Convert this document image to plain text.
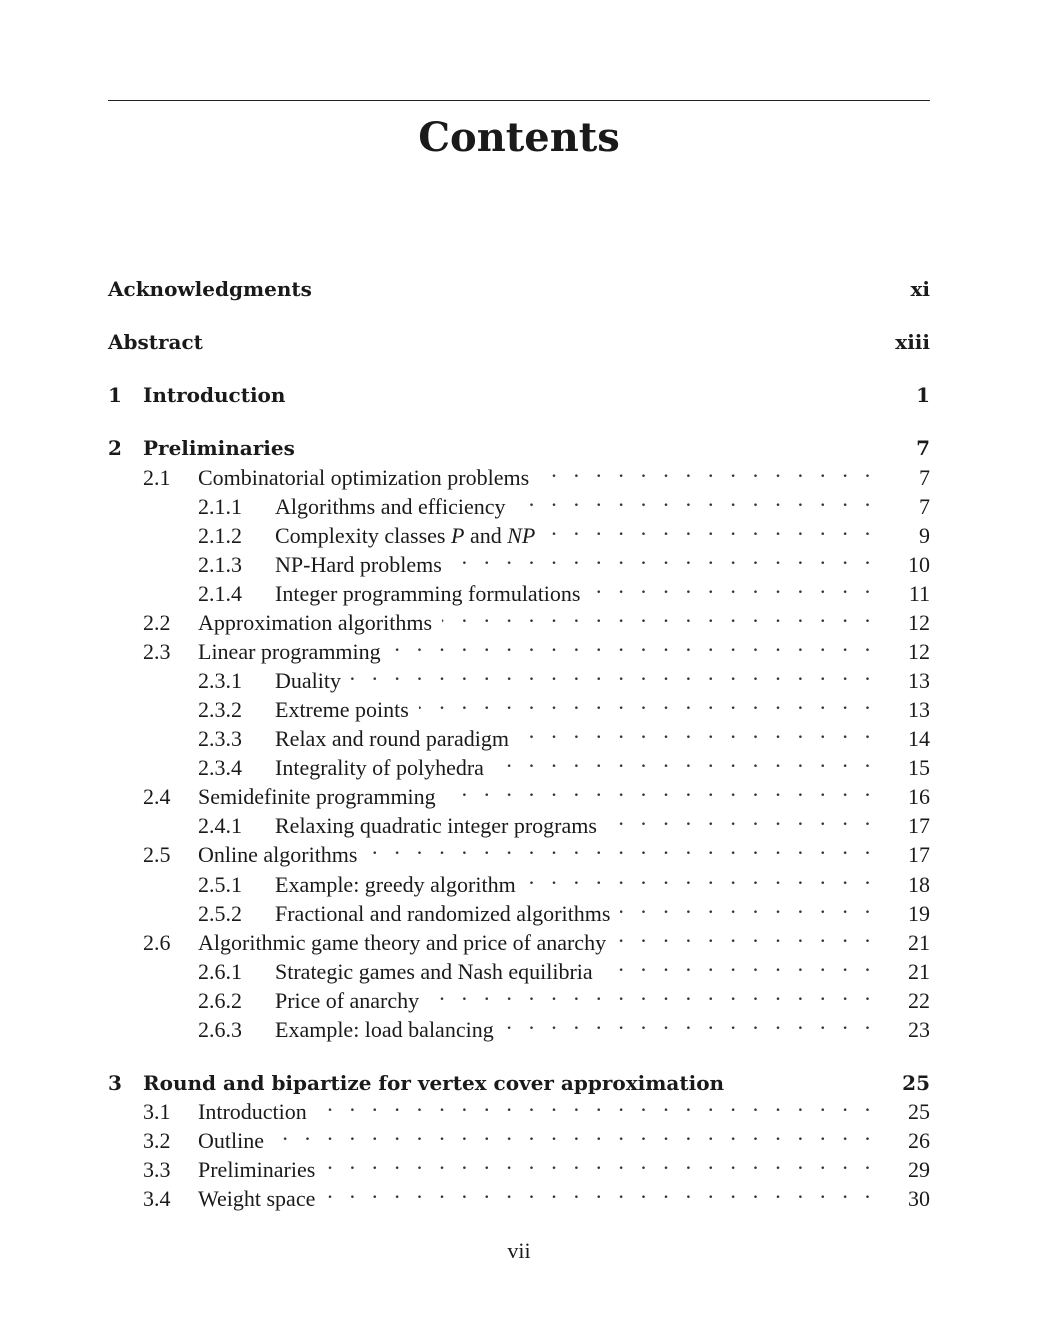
Contents
Acknowledgments	xi
Abstract	xiii
1	Introduction	1
2	Preliminaries	7
2.1	Combinatorial optimization problems . . .	7
2.1.1	Algorithms and efficiency . . .	7
2.1.2	Complexity classes P and NP . . .	9
2.1.3	NP-Hard problems . . .	10
2.1.4	Integer programming formulations . . .	11
2.2	Approximation algorithms . . .	12
2.3	Linear programming . . .	12
2.3.1	Duality . . .	13
2.3.2	Extreme points . . .	13
2.3.3	Relax and round paradigm . . .	14
2.3.4	Integrality of polyhedra . . .	15
2.4	Semidefinite programming . . .	16
2.4.1	Relaxing quadratic integer programs . . .	17
2.5	Online algorithms . . .	17
2.5.1	Example: greedy algorithm . . .	18
2.5.2	Fractional and randomized algorithms . . .	19
2.6	Algorithmic game theory and price of anarchy . . .	21
2.6.1	Strategic games and Nash equilibria . . .	21
2.6.2	Price of anarchy . . .	22
2.6.3	Example: load balancing . . .	23
3	Round and bipartize for vertex cover approximation	25
3.1	Introduction . . .	25
3.2	Outline . . .	26
3.3	Preliminaries . . .	29
3.4	Weight space . . .	30
vii
